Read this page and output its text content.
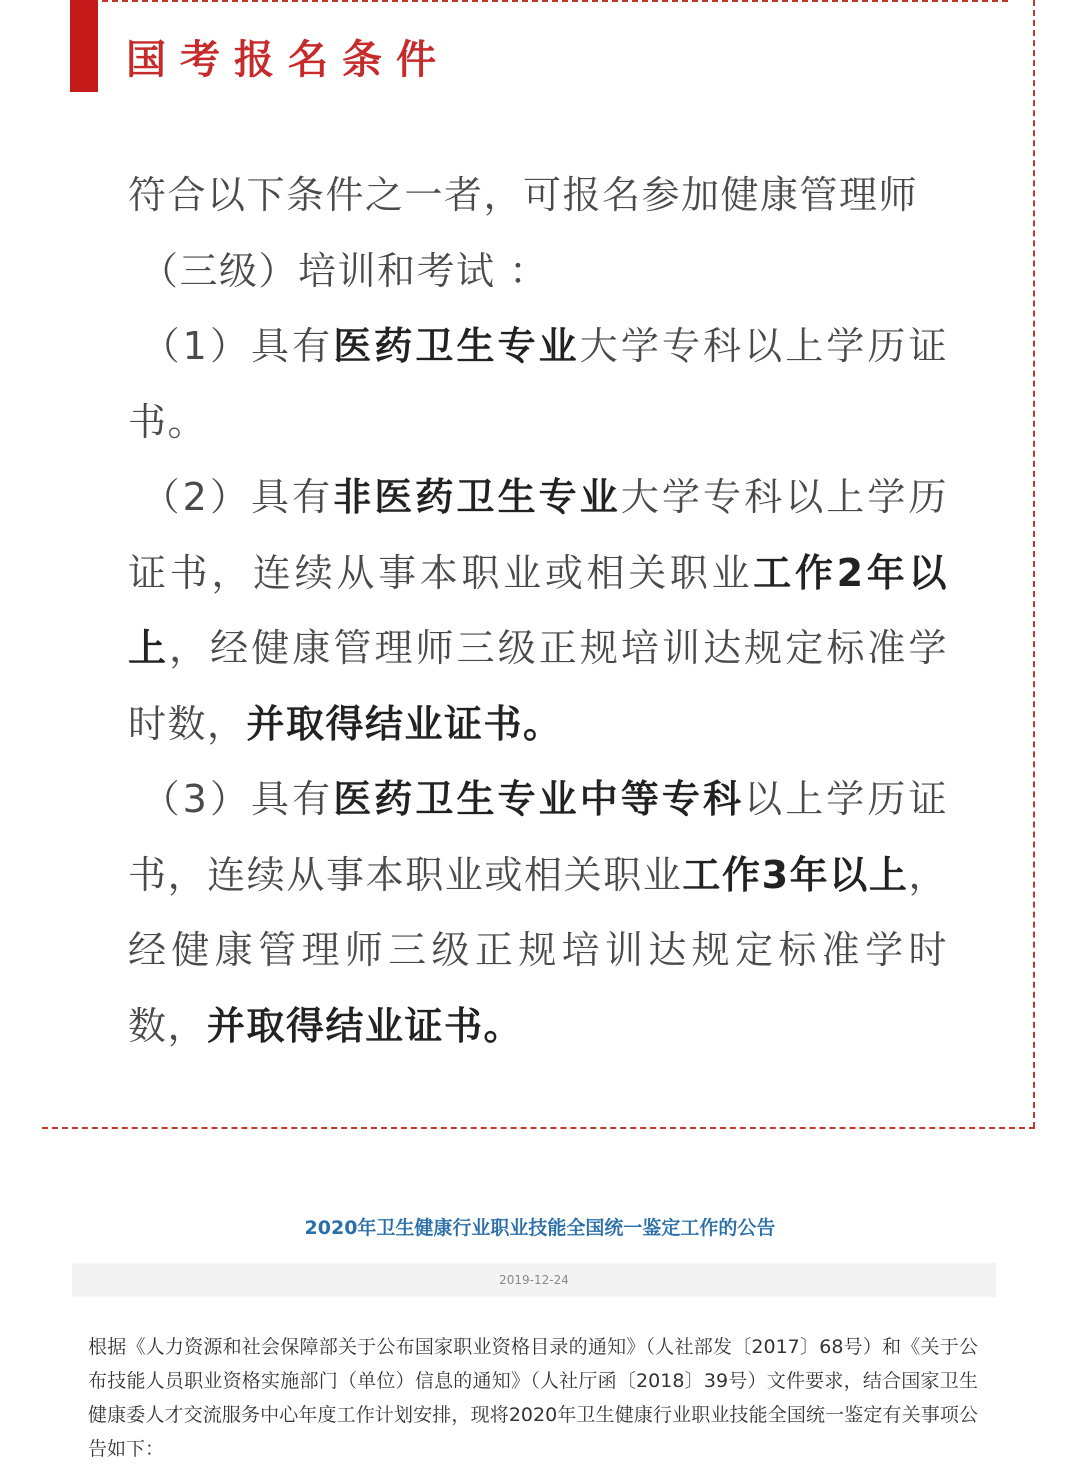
国考报名条件

符合以下条件之一者，可报名参加健康管理师
（三级）培训和考试 ：

（1）具有医药卫生专业大学专科以上学历证书。

（2）具有非医药卫生专业大学专科以上学历证书，连续从事本职业或相关职业工作2年以上，经健康管理师三级正规培训达规定标准学时数，并取得结业证书。

（3）具有医药卫生专业中等专科以上学历证书，连续从事本职业或相关职业工作3年以上，经健康管理师三级正规培训达规定标准学时数，并取得结业证书。

2020年卫生健康行业职业技能全国统一鉴定工作的公告
2019-12-24

根据《人力资源和社会保障部关于公布国家职业资格目录的通知》（人社部发〔2017〕68号）和《关于公布技能人员职业资格实施部门（单位）信息的通知》（人社厅函〔2018〕39号）文件要求，结合国家卫生健康委人才交流服务中心年度工作计划安排，现将2020年卫生健康行业职业技能全国统一鉴定有关事项公告如下：
